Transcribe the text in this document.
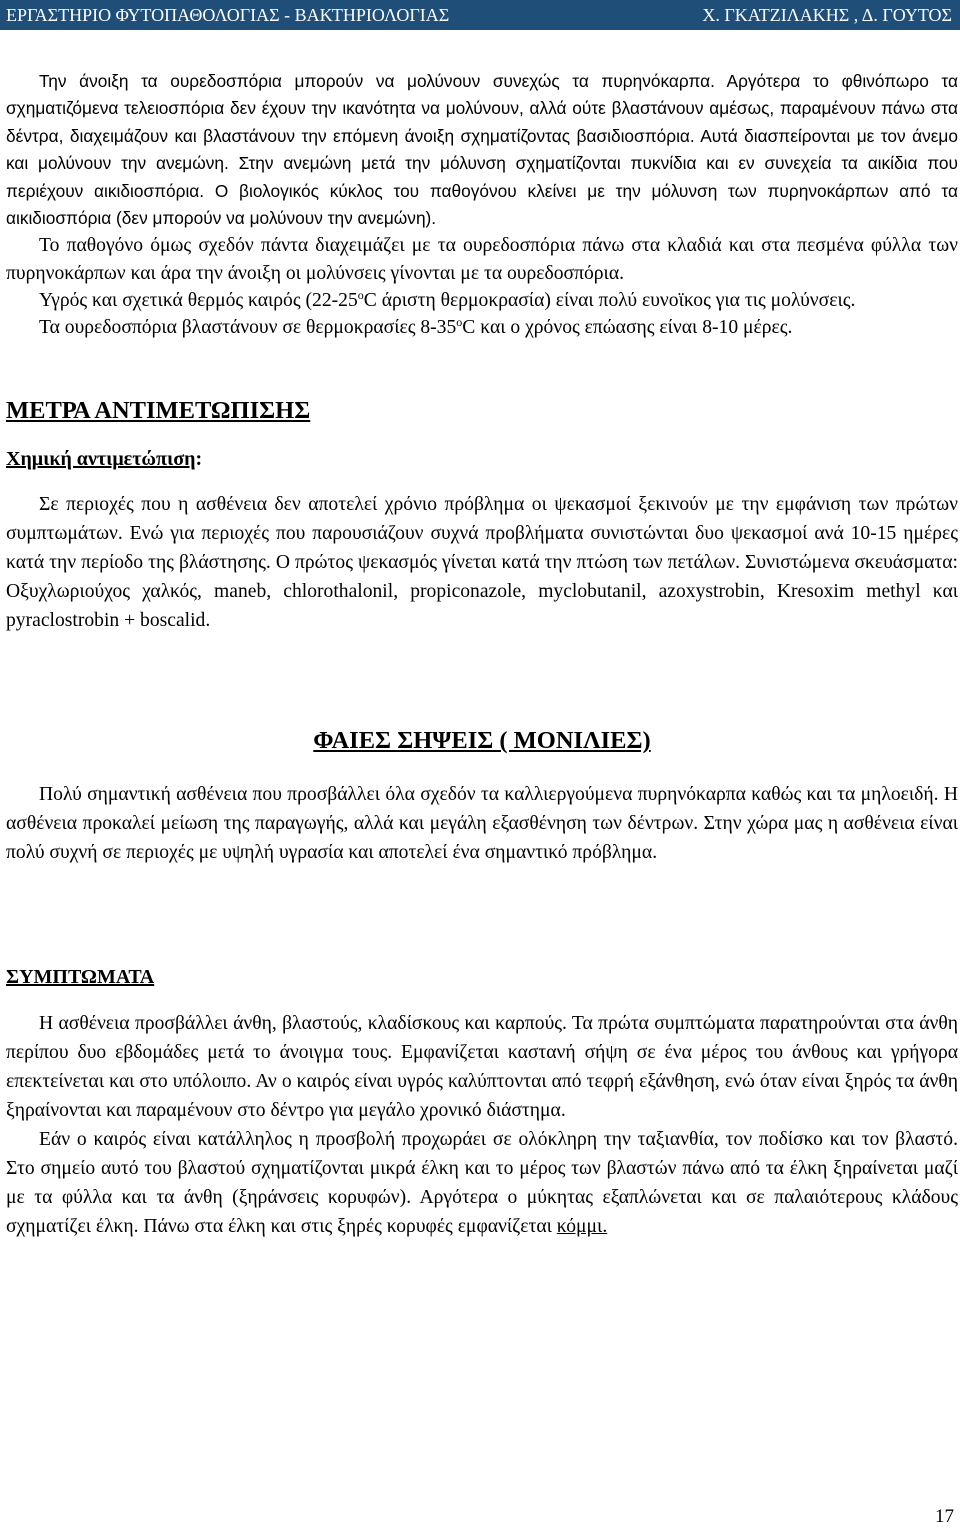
ΕΡΓΑΣΤΗΡΙΟ ΦΥΤΟΠΑΘΟΛΟΓΙΑΣ - ΒΑΚΤΗΡΙΟΛΟΓΙΑΣ	Χ. ΓΚΑΤΖΙΛΑΚΗΣ , Δ. ΓΟΥΤΟΣ

Την άνοιξη τα ουρεδοσπόρια μπορούν να μολύνουν συνεχώς τα πυρηνόκαρπα. Αργότερα το φθινόπωρο τα σχηματιζόμενα τελειοσπόρια δεν έχουν την ικανότητα να μολύνουν, αλλά ούτε βλαστάνουν αμέσως, παραμένουν πάνω στα δέντρα, διαχειμάζουν και βλαστάνουν την επόμενη άνοιξη σχηματίζοντας βασιδιοσπόρια. Αυτά διασπείρονται με τον άνεμο και μολύνουν την ανεμώνη. Στην ανεμώνη μετά την μόλυνση σχηματίζονται πυκνίδια και εν συνεχεία τα αικίδια που περιέχουν αικιδιοσπόρια. Ο βιολογικός κύκλος του παθογόνου κλείνει με την μόλυνση των πυρηνοκάρπων από τα αικιδιοσπόρια (δεν μπορούν να μολύνουν την ανεμώνη).

Το παθογόνο όμως σχεδόν πάντα διαχειμάζει με τα ουρεδοσπόρια πάνω στα κλαδιά και στα πεσμένα φύλλα των πυρηνοκάρπων και άρα την άνοιξη οι μολύνσεις γίνονται με τα ουρεδοσπόρια.

Υγρός και σχετικά θερμός καιρός ($22-25^oC$ άριστη θερμοκρασία) είναι πολύ ευνοϊκος για τις μολύνσεις.

Τα ουρεδοσπόρια βλαστάνουν σε θερμοκρασίες $8-35^oC$ και ο χρόνος επώασης είναι 8-10 μέρες.

ΜΕΤΡΑ ΑΝΤΙΜΕΤΩΠΙΣΗΣ

Χημική αντιμετώπιση:

Σε περιοχές που η ασθένεια δεν αποτελεί χρόνιο πρόβλημα οι ψεκασμοί ξεκινούν με την εμφάνιση των πρώτων συμπτωμάτων. Ενώ για περιοχές που παρουσιάζουν συχνά προβλήματα συνιστώνται δυο ψεκασμοί ανά 10-15 ημέρες κατά την περίοδο της βλάστησης. Ο πρώτος ψεκασμός γίνεται κατά την πτώση των πετάλων. Συνιστώμενα σκευάσματα: Οξυχλωριούχος χαλκός, maneb, chlorothalonil, propiconazole, myclobutanil, azoxystrobin, Kresoxim methyl και pyraclostrobin + boscalid.

ΦΑΙΕΣ ΣΗΨΕΙΣ ( ΜΟΝΙΛΙΕΣ)

Πολύ σημαντική ασθένεια που προσβάλλει όλα σχεδόν τα καλλιεργούμενα πυρηνόκαρπα καθώς και τα μηλοειδή. Η ασθένεια προκαλεί μείωση της παραγωγής, αλλά και μεγάλη εξασθένηση των δέντρων. Στην χώρα μας η ασθένεια είναι πολύ συχνή σε περιοχές με υψηλή υγρασία και αποτελεί ένα σημαντικό πρόβλημα.

ΣΥΜΠΤΩΜΑΤΑ

Η ασθένεια προσβάλλει άνθη, βλαστούς, κλαδίσκους και καρπούς. Τα πρώτα συμπτώματα παρατηρούνται στα άνθη περίπου δυο εβδομάδες μετά το άνοιγμα τους. Εμφανίζεται καστανή σήψη σε ένα μέρος του άνθους και γρήγορα επεκτείνεται και στο υπόλοιπο. Αν ο καιρός είναι υγρός καλύπτονται από τεφρή εξάνθηση, ενώ όταν είναι ξηρός τα άνθη ξηραίνονται και παραμένουν στο δέντρο για μεγάλο χρονικό διάστημα.

Εάν ο καιρός είναι κατάλληλος η προσβολή προχωράει σε ολόκληρη την ταξιανθία, τον ποδίσκο και τον βλαστό. Στο σημείο αυτό του βλαστού σχηματίζονται μικρά έλκη και το μέρος των βλαστών πάνω από τα έλκη ξηραίνεται μαζί με τα φύλλα και τα άνθη (ξηράνσεις κορυφών). Αργότερα ο μύκητας εξαπλώνεται και σε παλαιότερους κλάδους σχηματίζει έλκη. Πάνω στα έλκη και στις ξηρές κορυφές εμφανίζεται κόμμι.

17
